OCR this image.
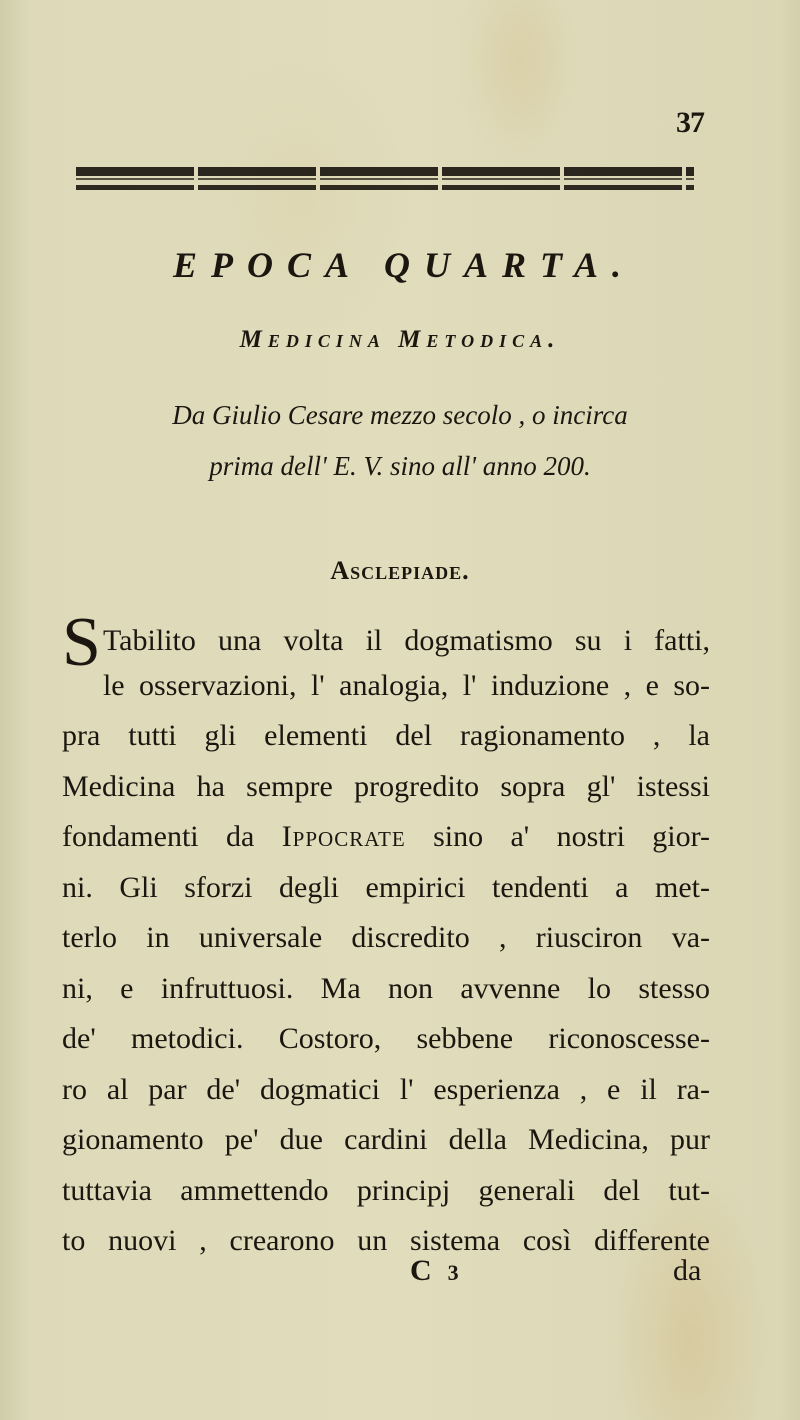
37
EPOCA QUARTA.
Medicina Metodica.
Da Giulio Cesare mezzo secolo , o incirca
prima dell' E. V. sino all' anno 200.
Asclepiade.
S Tabilito una volta il dogmatismo su i fatti,
le osservazioni, l' analogia, l' induzione , e so-
pra tutti gli elementi del ragionamento , la
Medicina ha sempre progredito sopra gl' istessi
fondamenti da Ippocrate sino a' nostri gior-
ni. Gli sforzi degli empirici tendenti a met-
terlo in universale discredito , riusciron va-
ni, e infruttuosi. Ma non avvenne lo stesso
de' metodici. Costoro, sebbene riconoscesse-
ro al par de' dogmatici l' esperienza , e il ra-
gionamento pe' due cardini della Medicina, pur
tuttavia ammettendo principj generali del tut-
to nuovi , crearono un sistema così differente
C 3	da
